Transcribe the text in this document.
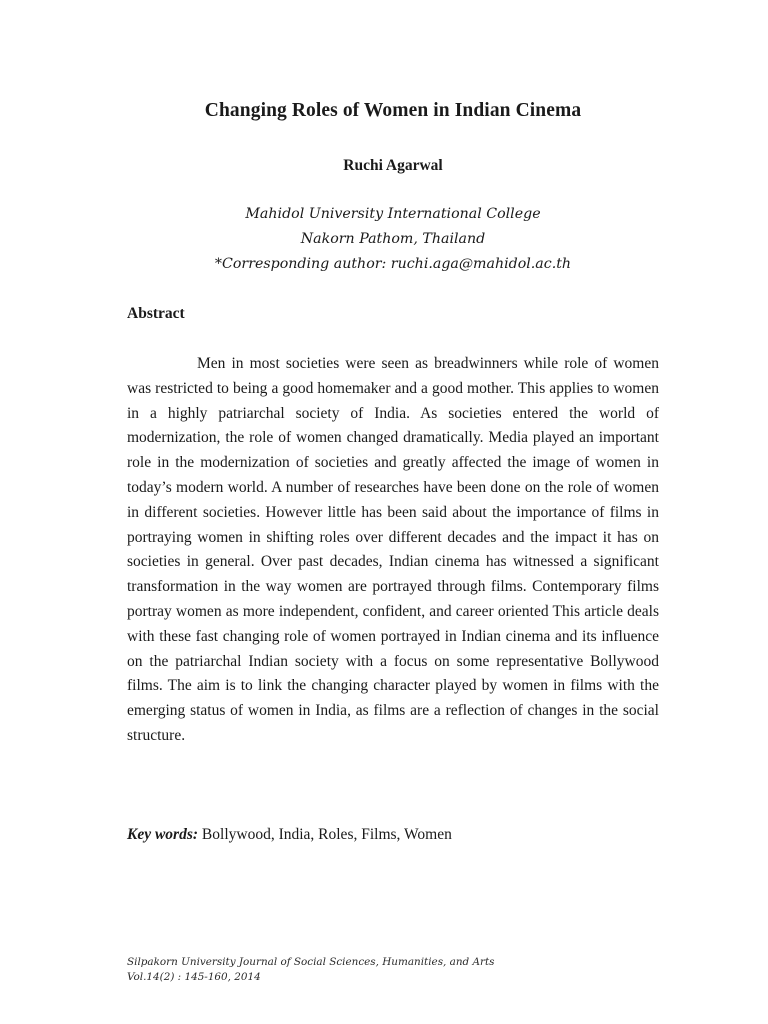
Changing Roles of Women in Indian Cinema
Ruchi Agarwal
Mahidol University International College
Nakorn Pathom, Thailand
*Corresponding author: ruchi.aga@mahidol.ac.th
Abstract

Men in most societies were seen as breadwinners while role of women was restricted to being a good homemaker and a good mother. This applies to women in a highly patriarchal society of India. As societies entered the world of modernization, the role of women changed dramatically. Media played an important role in the modernization of societies and greatly affected the image of women in today’s modern world. A number of researches have been done on the role of women in different societies. However little has been said about the importance of films in portraying women in shifting roles over different decades and the impact it has on societies in general. Over past decades, Indian cinema has witnessed a significant transformation in the way women are portrayed through films. Contemporary films portray women as more independent, confident, and career oriented This article deals with these fast changing role of women portrayed in Indian cinema and its influence on the patriarchal Indian society with a focus on some representative Bollywood films. The aim is to link the changing character played by women in films with the emerging status of women in India, as films are a reflection of changes in the social structure.

Key words: Bollywood, India, Roles, Films, Women
Silpakorn University Journal of Social Sciences, Humanities, and Arts
Vol.14(2) : 145-160, 2014
